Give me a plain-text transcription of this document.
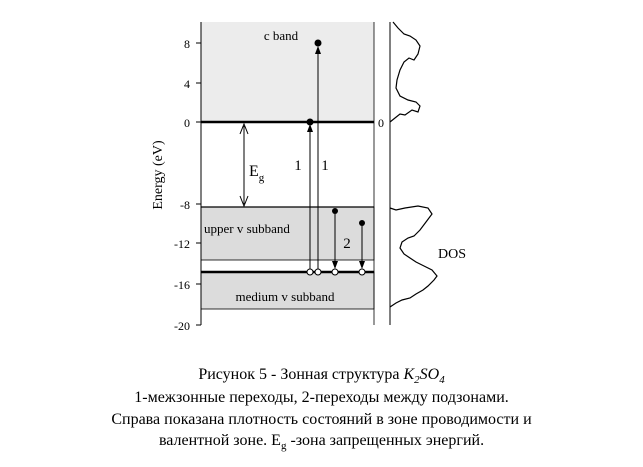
8
4
0
-8
-12
-16
-20
Energy (eV)
c band
upper v subband
medium v subband
$E_g$
1 1
2
DOS
0
Рисунок 5 - Зонная структура $K_2SO_4$
1-межзонные переходы, 2-переходы между подзонами.
Справа показана плотность состояний в зоне проводимости и
валентной зоне. $E_g$ -зона запрещенных энергий.
